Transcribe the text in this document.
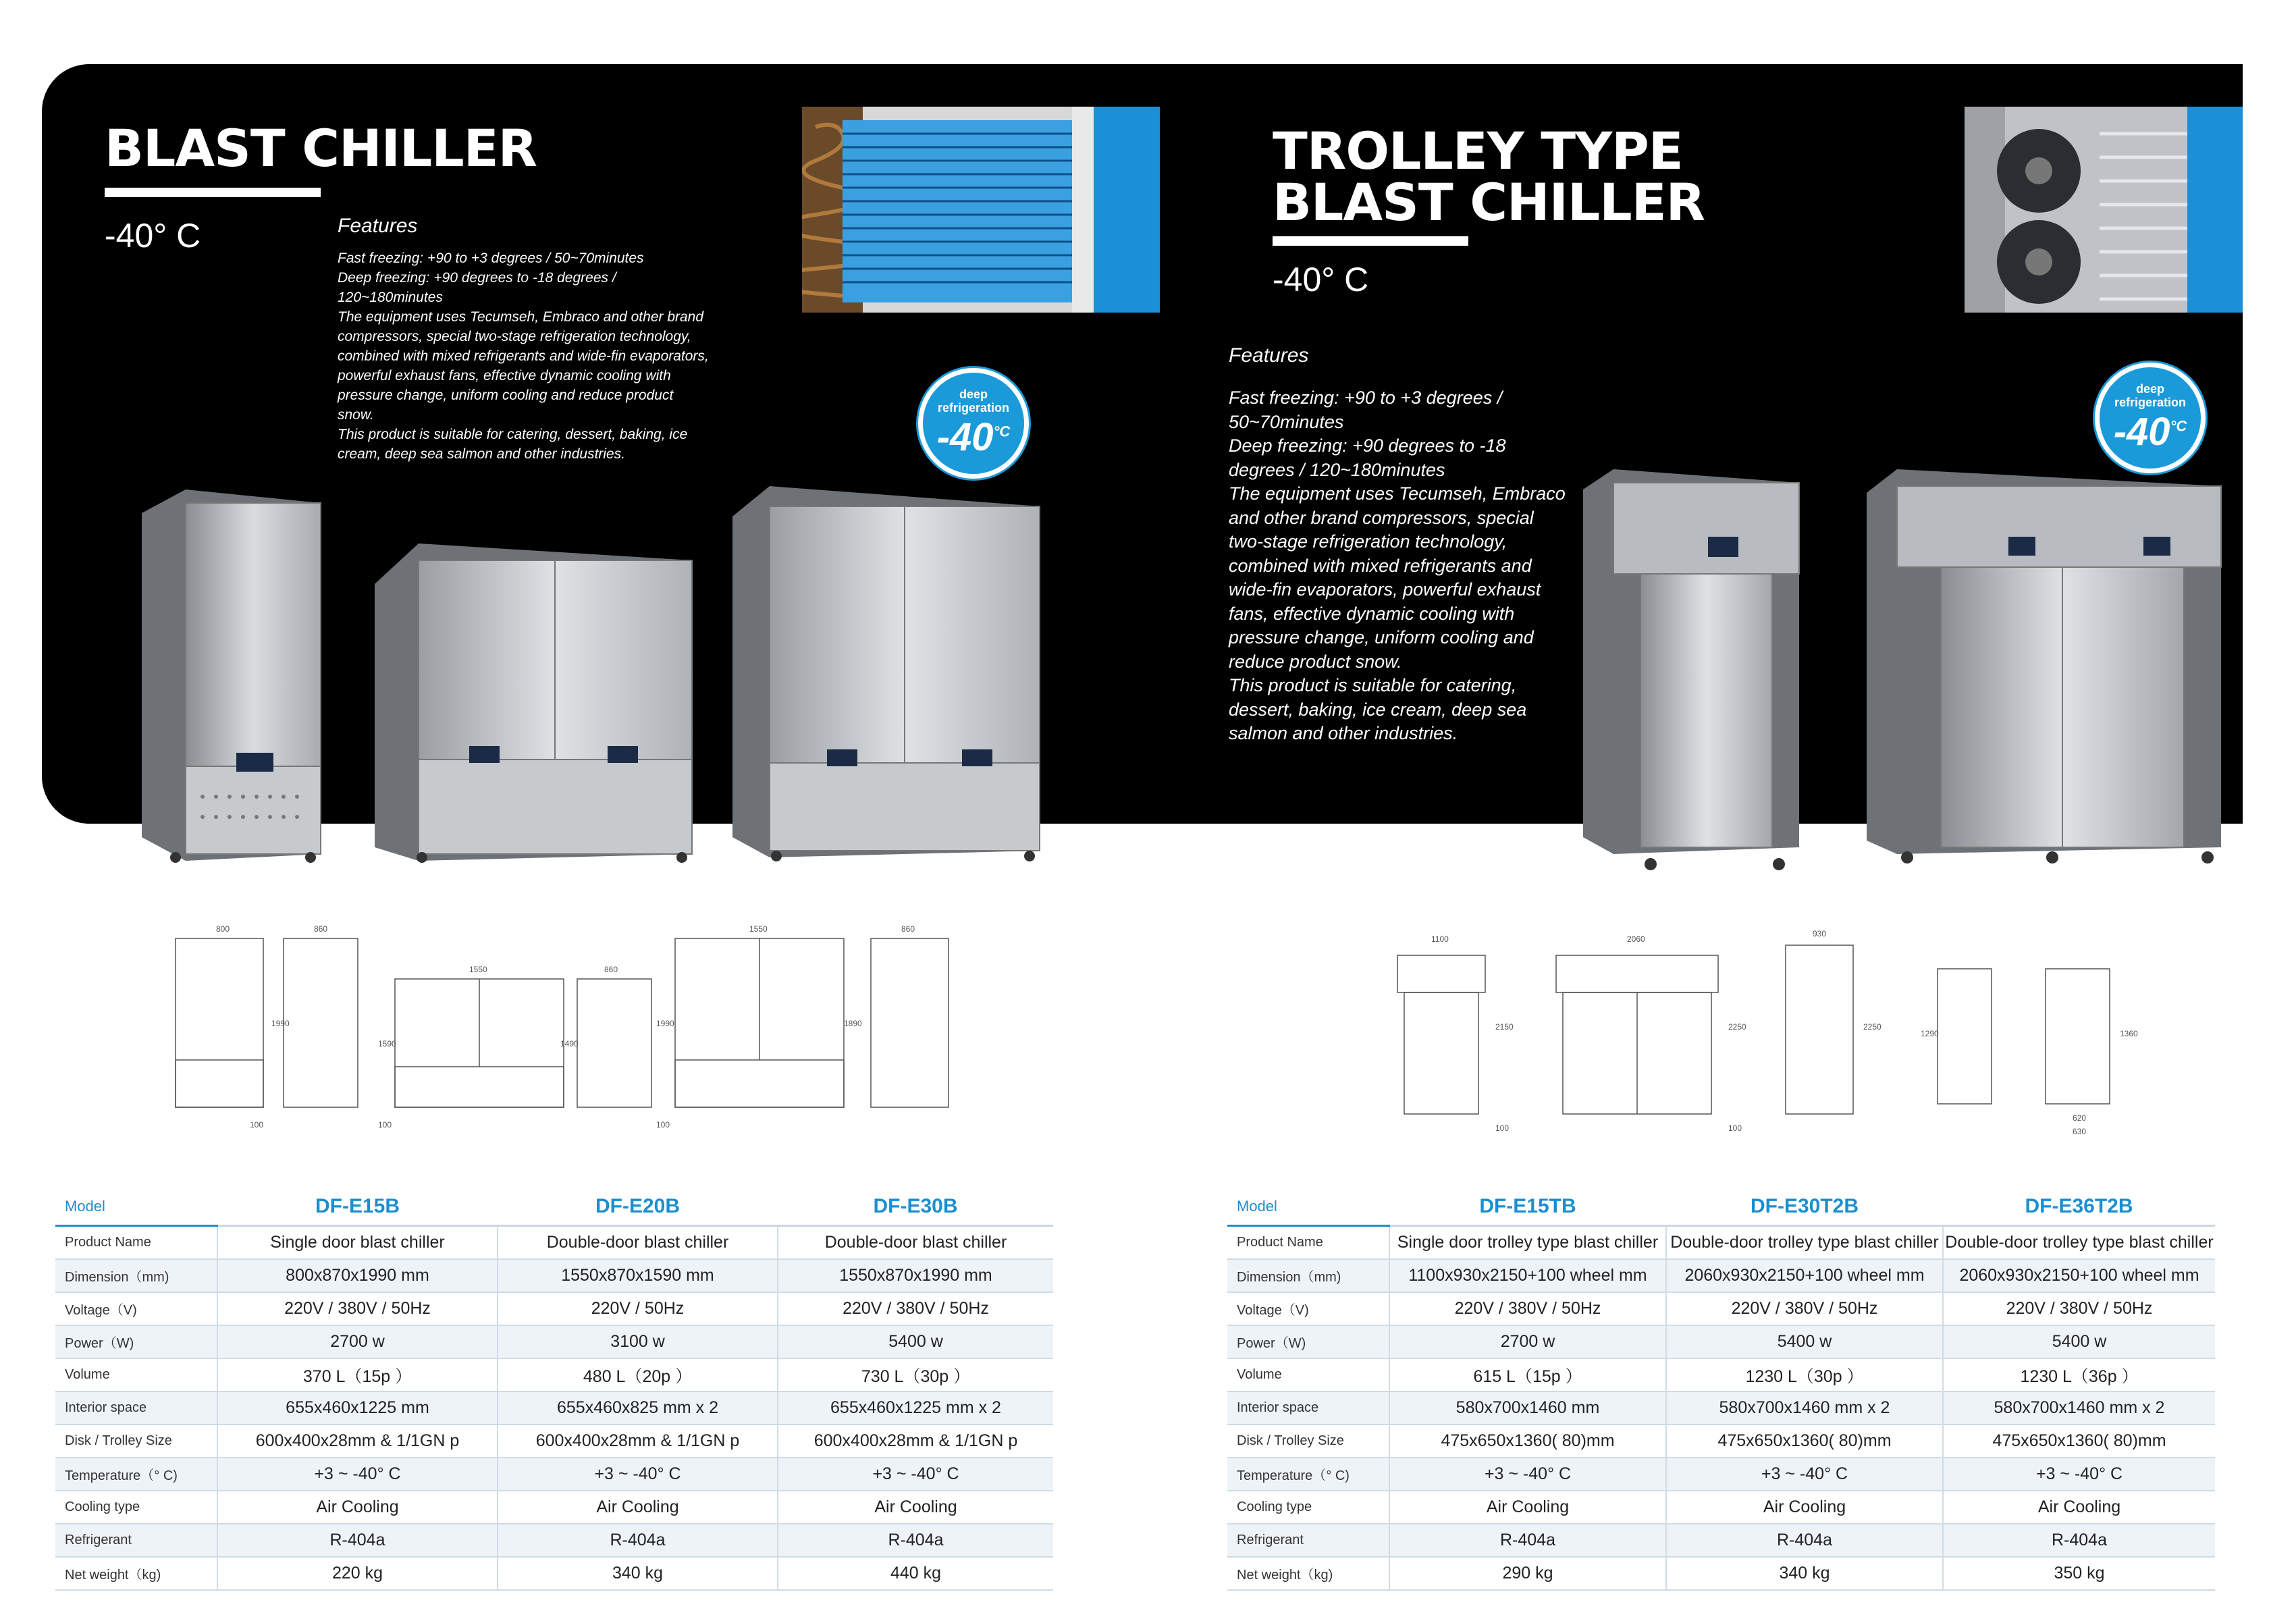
BLAST CHILLER
-40° C	Features
Fast freezing: +90 to +3 degrees / 50~70minutes
Deep freezing: +90 degrees to -18 degrees /
120~180minutes
The equipment uses Tecumseh, Embraco and other brand
compressors, special two-stage refrigeration technology,
combined with mixed refrigerants and wide-fin evaporators,
powerful exhaust fans, effective dynamic cooling with
pressure change, uniform cooling and reduce product
snow.
This product is suitable for catering, dessert, baking, ice
cream, deep sea salmon and other industries.
deep
refrigeration
$-40^{^\circ C}$
TROLLEY TYPE
BLAST CHILLER
-40° C
Features
Fast freezing: +90 to +3 degrees /
50~70minutes
Deep freezing: +90 degrees to -18
degrees / 120~180minutes
The equipment uses Tecumseh, Embraco
and other brand compressors, special
two-stage refrigeration technology,
combined with mixed refrigerants and
wide-fin evaporators, powerful exhaust
fans, effective dynamic cooling with
pressure change, uniform cooling and
reduce product snow.
This product is suitable for catering,
dessert, baking, ice cream, deep sea
salmon and other industries.
deep
refrigeration
$-40^{^\circ C}$
800	860
1990
100
1550	860
1590	1490
100
1550	860
1990	1890
100
1100
2150
100
2060
2250
100
930
2250
1290	1360
630
620
Model	DF-E15B	DF-E20B	DF-E30B
Product Name	Single door blast chiller	Double-door blast chiller	Double-door blast chiller
Dimension（mm)	800x870x1990 mm	1550x870x1590 mm	1550x870x1990 mm
Voltage（V)	220V / 380V / 50Hz	220V / 50Hz	220V / 380V / 50Hz
Power（W)	2700 w	3100 w	5400 w
Volume	370 L（15p ）	480 L（20p ）	730 L（30p ）
Interior space	655x460x1225 mm	655x460x825 mm x 2	655x460x1225 mm x 2
Disk / Trolley Size	600x400x28mm & 1/1GN p	600x400x28mm & 1/1GN p	600x400x28mm & 1/1GN p
Temperature（° C)	+3 ~ -40° C	+3 ~ -40° C	+3 ~ -40° C
Cooling type	Air Cooling	Air Cooling	Air Cooling
Refrigerant	R-404a	R-404a	R-404a
Net weight（kg)	220 kg	340 kg	440 kg
Model	DF-E15TB	DF-E30T2B	DF-E36T2B
Product Name	Single door trolley type blast chiller	Double-door trolley type blast chiller	Double-door trolley type blast chiller
Dimension（mm)	1100x930x2150+100 wheel mm	2060x930x2150+100 wheel mm	2060x930x2150+100 wheel mm
Voltage（V)	220V / 380V / 50Hz	220V / 380V / 50Hz	220V / 380V / 50Hz
Power（W)	2700 w	5400 w	5400 w
Volume	615 L（15p ）	1230 L（30p ）	1230 L（36p ）
Interior space	580x700x1460 mm	580x700x1460 mm x 2	580x700x1460 mm x 2
Disk / Trolley Size	475x650x1360( 80)mm	475x650x1360( 80)mm	475x650x1360( 80)mm
Temperature（° C)	+3 ~ -40° C	+3 ~ -40° C	+3 ~ -40° C
Cooling type	Air Cooling	Air Cooling	Air Cooling
Refrigerant	R-404a	R-404a	R-404a
Net weight（kg)	290 kg	340 kg	350 kg
